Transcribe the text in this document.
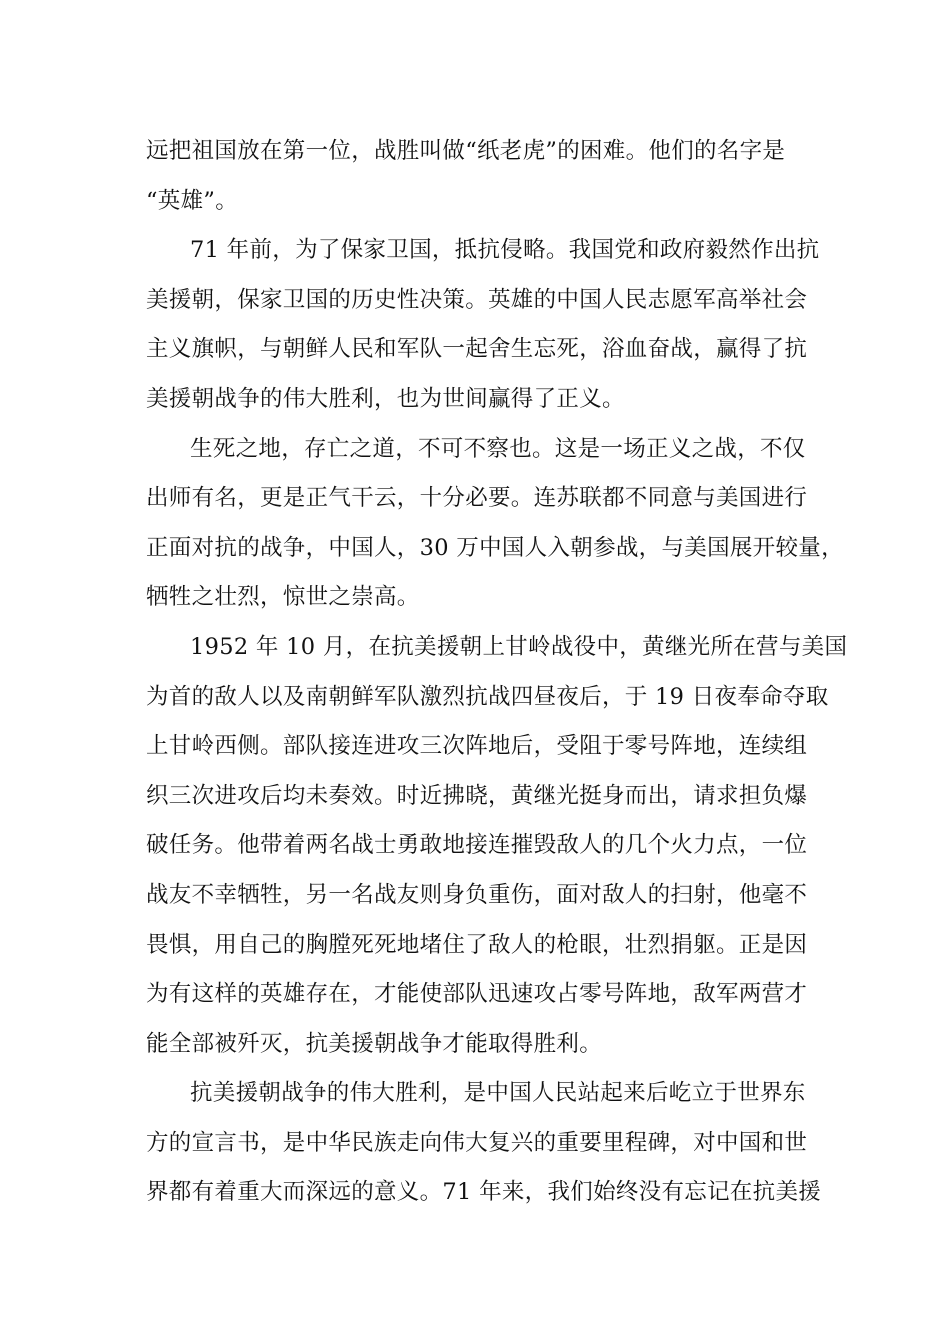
远把祖国放在第一位，战胜叫做“纸老虎”的困难。他们的名字是
“英雄”。
71 年前，为了保家卫国，抵抗侵略。我国党和政府毅然作出抗
美援朝，保家卫国的历史性决策。英雄的中国人民志愿军高举社会
主义旗帜，与朝鲜人民和军队一起舍生忘死，浴血奋战，赢得了抗
美援朝战争的伟大胜利，也为世间赢得了正义。
生死之地，存亡之道，不可不察也。这是一场正义之战，不仅
出师有名，更是正气干云，十分必要。连苏联都不同意与美国进行
正面对抗的战争，中国人，30 万中国人入朝参战，与美国展开较量，
牺牲之壮烈，惊世之崇高。
1952 年 10 月，在抗美援朝上甘岭战役中，黄继光所在营与美国
为首的敌人以及南朝鲜军队激烈抗战四昼夜后，于 19 日夜奉命夺取
上甘岭西侧。部队接连进攻三次阵地后，受阻于零号阵地，连续组
织三次进攻后均未奏效。时近拂晓，黄继光挺身而出，请求担负爆
破任务。他带着两名战士勇敢地接连摧毁敌人的几个火力点，一位
战友不幸牺牲，另一名战友则身负重伤，面对敌人的扫射，他毫不
畏惧，用自己的胸膛死死地堵住了敌人的枪眼，壮烈捐躯。正是因
为有这样的英雄存在，才能使部队迅速攻占零号阵地，敌军两营才
能全部被歼灭，抗美援朝战争才能取得胜利。
抗美援朝战争的伟大胜利，是中国人民站起来后屹立于世界东
方的宣言书，是中华民族走向伟大复兴的重要里程碑，对中国和世
界都有着重大而深远的意义。71 年来，我们始终没有忘记在抗美援
